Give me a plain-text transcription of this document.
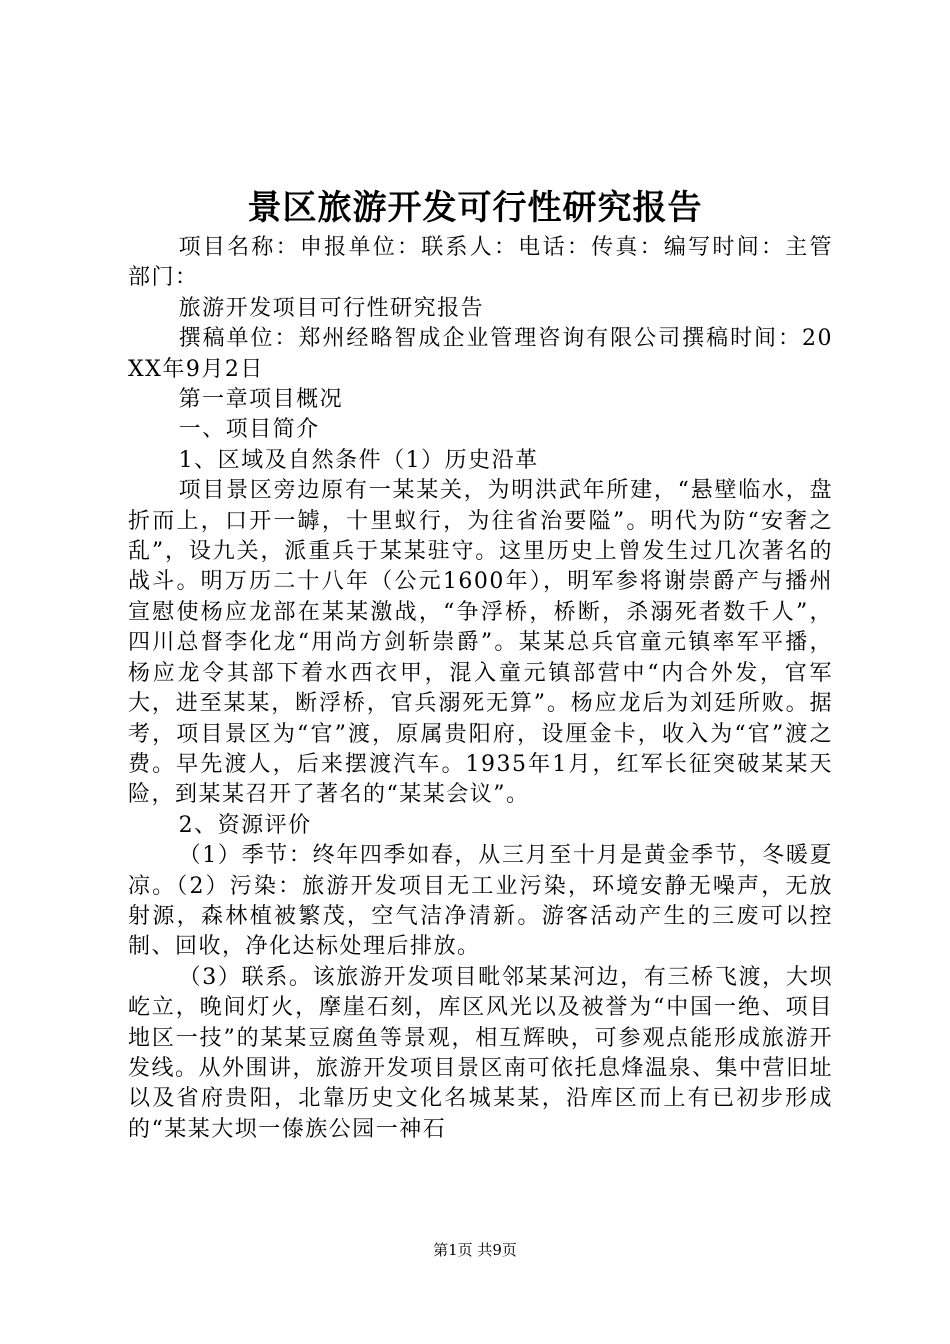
景区旅游开发可行性研究报告

项目名称：申报单位：联系人：电话：传真：编写时间：主管部门：

旅游开发项目可行性研究报告

撰稿单位：郑州经略智成企业管理咨询有限公司撰稿时间：20XX年9月2日

第一章项目概况

一、项目简介

1、区域及自然条件（1）历史沿革

项目景区旁边原有一某某关，为明洪武年所建，“悬壁临水，盘折而上，口开一罅，十里蚁行，为往省治要隘”。明代为防“安奢之乱”，设九关，派重兵于某某驻守。这里历史上曾发生过几次著名的战斗。明万历二十八年（公元1600年），明军参将谢崇爵产与播州宣慰使杨应龙部在某某激战，“争浮桥，桥断，杀溺死者数千人”，四川总督李化龙“用尚方剑斩崇爵”。某某总兵官童元镇率军平播，杨应龙令其部下着水西衣甲，混入童元镇部营中“内合外发，官军大，进至某某，断浮桥，官兵溺死无算”。杨应龙后为刘廷所败。据考，项目景区为“官”渡，原属贵阳府，设厘金卡，收入为“官”渡之费。早先渡人，后来摆渡汽车。1935年1月，红军长征突破某某天险，到某某召开了著名的“某某会议”。

2、资源评价

（1）季节：终年四季如春，从三月至十月是黄金季节，冬暖夏凉。（2）污染：旅游开发项目无工业污染，环境安静无噪声，无放射源，森林植被繁茂，空气洁净清新。游客活动产生的三废可以控制、回收，净化达标处理后排放。

（3）联系。该旅游开发项目毗邻某某河边，有三桥飞渡，大坝屹立，晚间灯火，摩崖石刻，库区风光以及被誉为“中国一绝、项目地区一技”的某某豆腐鱼等景观，相互辉映，可参观点能形成旅游开发线。从外围讲，旅游开发项目景区南可依托息烽温泉、集中营旧址以及省府贵阳，北靠历史文化名城某某，沿库区而上有已初步形成的“某某大坝一傣族公园一神石

第1页 共9页
